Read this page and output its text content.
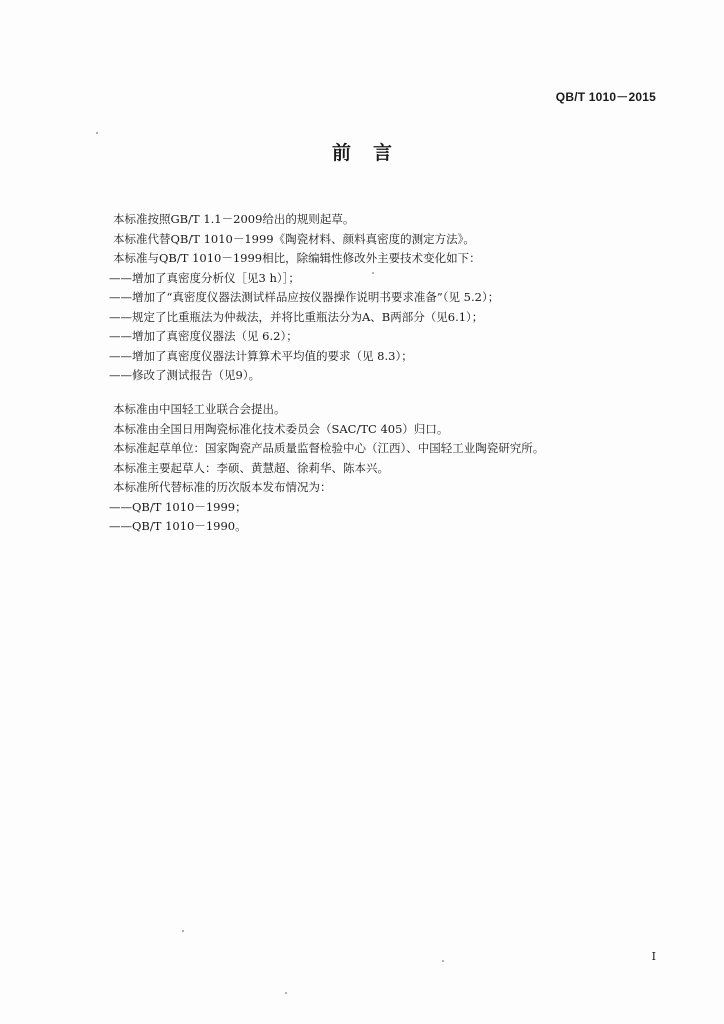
QB/T 1010－2015
前言
本标准按照GB/T 1.1－2009给出的规则起草。
本标准代替QB/T 1010－1999《陶瓷材料、颜料真密度的测定方法》。
本标准与QB/T 1010－1999相比，除编辑性修改外主要技术变化如下：
——增加了真密度分析仪［见3 h）］；
——增加了“真密度仪器法测试样品应按仪器操作说明书要求准备”（见 5.2）；
——规定了比重瓶法为仲裁法，并将比重瓶法分为A、B两部分（见6.1）；
——增加了真密度仪器法（见 6.2）；
——增加了真密度仪器法计算算术平均值的要求（见 8.3）；
——修改了测试报告（见9）。
本标准由中国轻工业联合会提出。
本标准由全国日用陶瓷标准化技术委员会（SAC/TC 405）归口。
本标准起草单位：国家陶瓷产品质量监督检验中心（江西）、中国轻工业陶瓷研究所。
本标准主要起草人：李硕、黄慧超、徐莉华、陈本兴。
本标准所代替标准的历次版本发布情况为：
——QB/T 1010－1999；
——QB/T 1010－1990。
I
